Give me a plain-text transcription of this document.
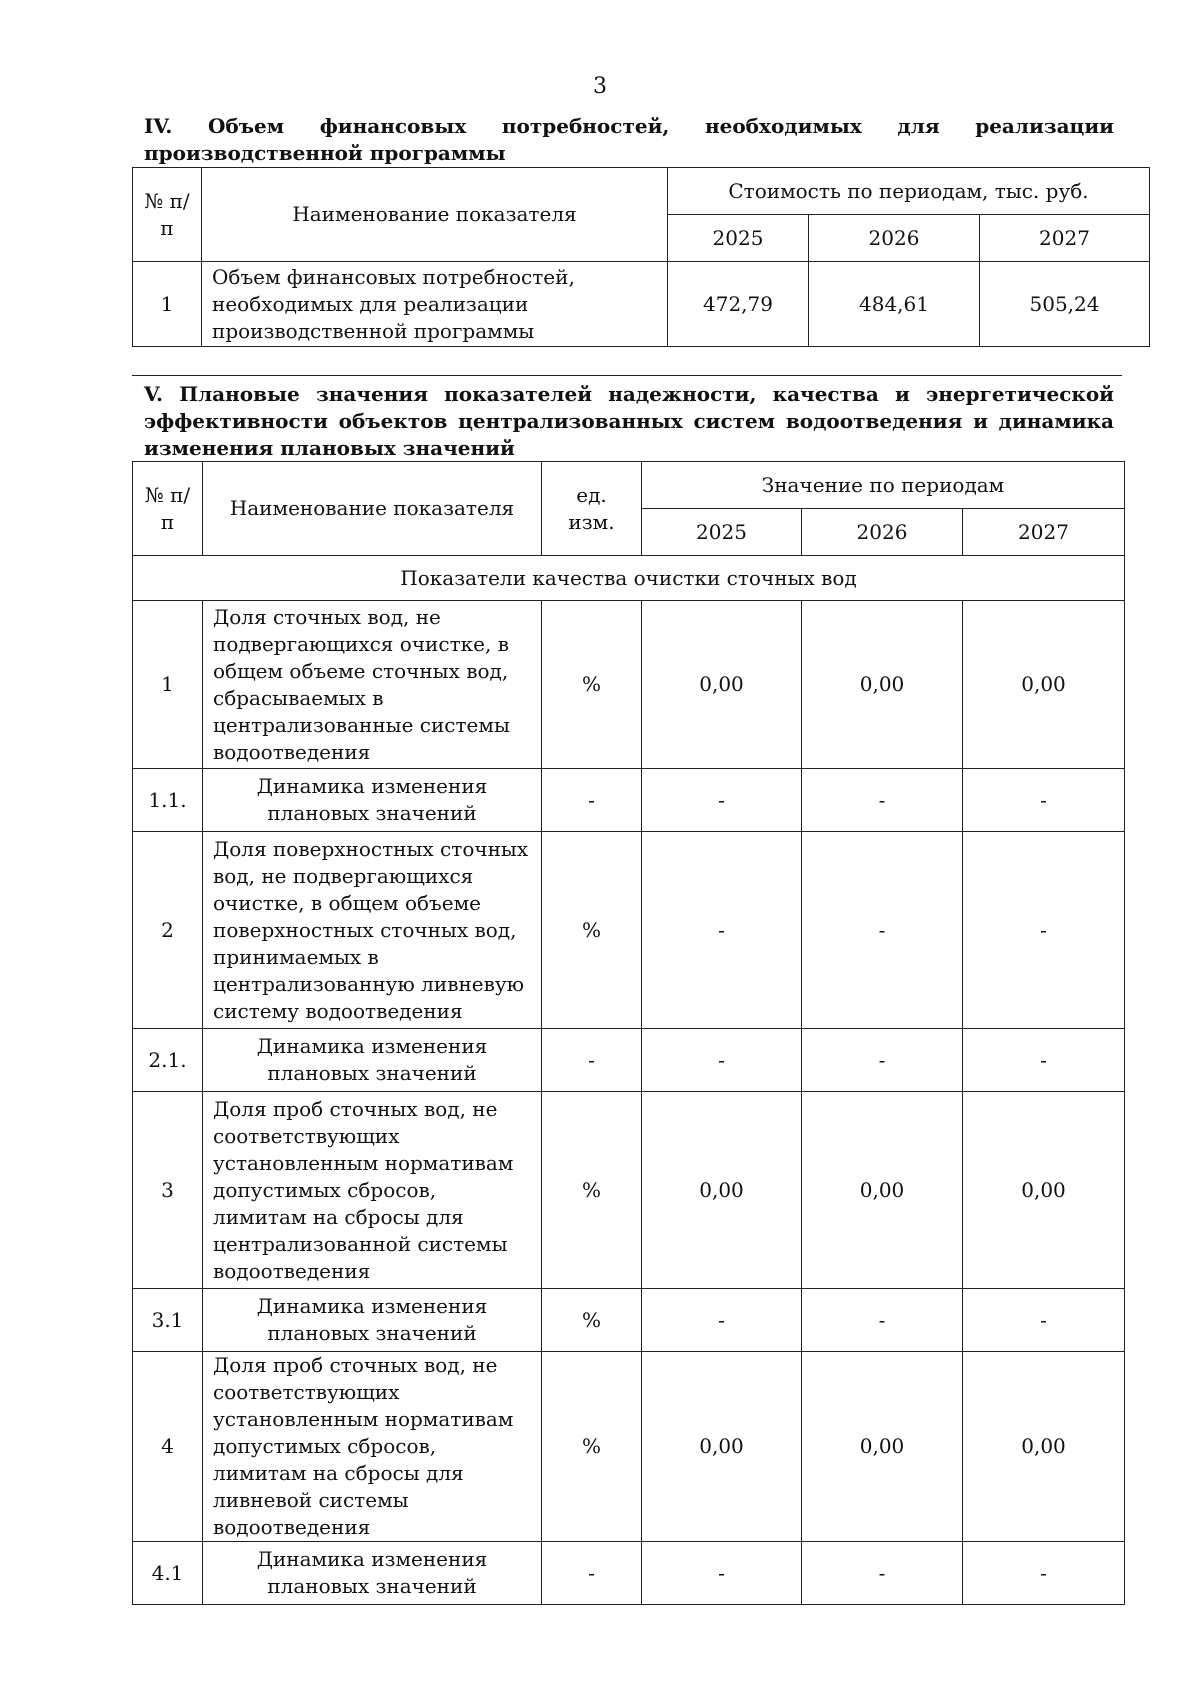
3
IV. Объем финансовых потребностей, необходимых для реализации производственной программы
№ п/п	Наименование показателя	Стоимость по периодам, тыс. руб.		
		2025	2026	2027
1	Объем финансовых потребностей, необходимых для реализации производственной программы	472,79	484,61	505,24
V. Плановые значения показателей надежности, качества и энергетической эффективности объектов централизованных систем водоотведения и динамика изменения плановых значений
№ п/п	Наименование показателя	ед. изм.	Значение по периодам		
			2025	2026	2027
Показатели качества очистки сточных вод					
1	Доля сточных вод, не подвергающихся очистке, в общем объеме сточных вод, сбрасываемых в централизованные системы водоотведения	%	0,00	0,00	0,00
1.1.	Динамика изменения плановых значений	-	-	-	-
2	Доля поверхностных сточных вод, не подвергающихся очистке, в общем объеме поверхностных сточных вод, принимаемых в централизованную ливневую систему водоотведения	%	-	-	-
2.1.	Динамика изменения плановых значений	-	-	-	-
3	Доля проб сточных вод, не соответствующих установленным нормативам допустимых сбросов, лимитам на сбросы для централизованной системы водоотведения	%	0,00	0,00	0,00
3.1	Динамика изменения плановых значений	%	-	-	-
4	Доля проб сточных вод, не соответствующих установленным нормативам допустимых сбросов, лимитам на сбросы для ливневой системы водоотведения	%	0,00	0,00	0,00
4.1	Динамика изменения плановых значений	-	-	-	-
